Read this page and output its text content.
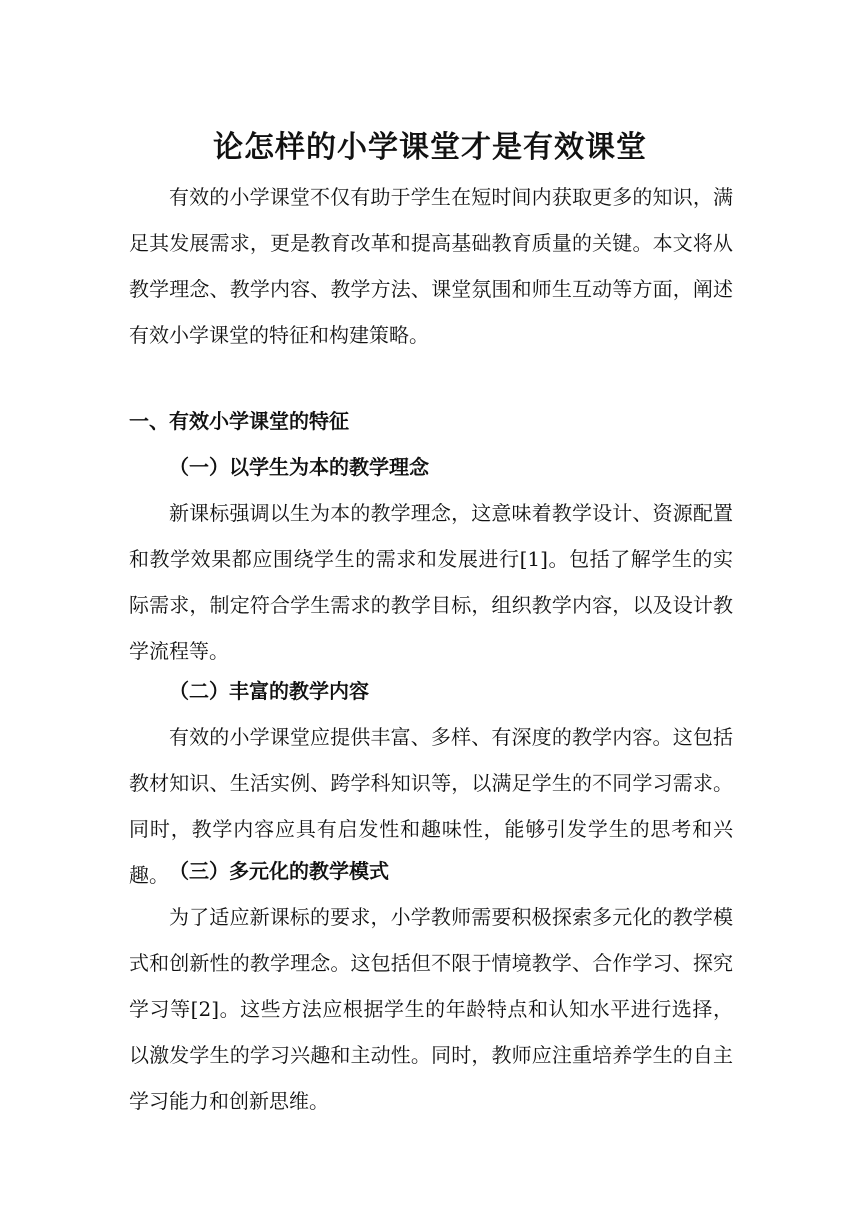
论怎样的小学课堂才是有效课堂

有效的小学课堂不仅有助于学生在短时间内获取更多的知识，满足其发展需求，更是教育改革和提高基础教育质量的关键。本文将从教学理念、教学内容、教学方法、课堂氛围和师生互动等方面，阐述有效小学课堂的特征和构建策略。

一、有效小学课堂的特征
（一）以学生为本的教学理念

新课标强调以生为本的教学理念，这意味着教学设计、资源配置和教学效果都应围绕学生的需求和发展进行[1]。包括了解学生的实际需求，制定符合学生需求的教学目标，组织教学内容，以及设计教学流程等。

（二）丰富的教学内容

有效的小学课堂应提供丰富、多样、有深度的教学内容。这包括教材知识、生活实例、跨学科知识等，以满足学生的不同学习需求。同时，教学内容应具有启发性和趣味性，能够引发学生的思考和兴趣。 （三）多元化的教学模式

为了适应新课标的要求，小学教师需要积极探索多元化的教学模式和创新性的教学理念。这包括但不限于情境教学、合作学习、探究学习等[2]。这些方法应根据学生的年龄特点和认知水平进行选择，以激发学生的学习兴趣和主动性。同时，教师应注重培养学生的自主学习能力和创新思维。
